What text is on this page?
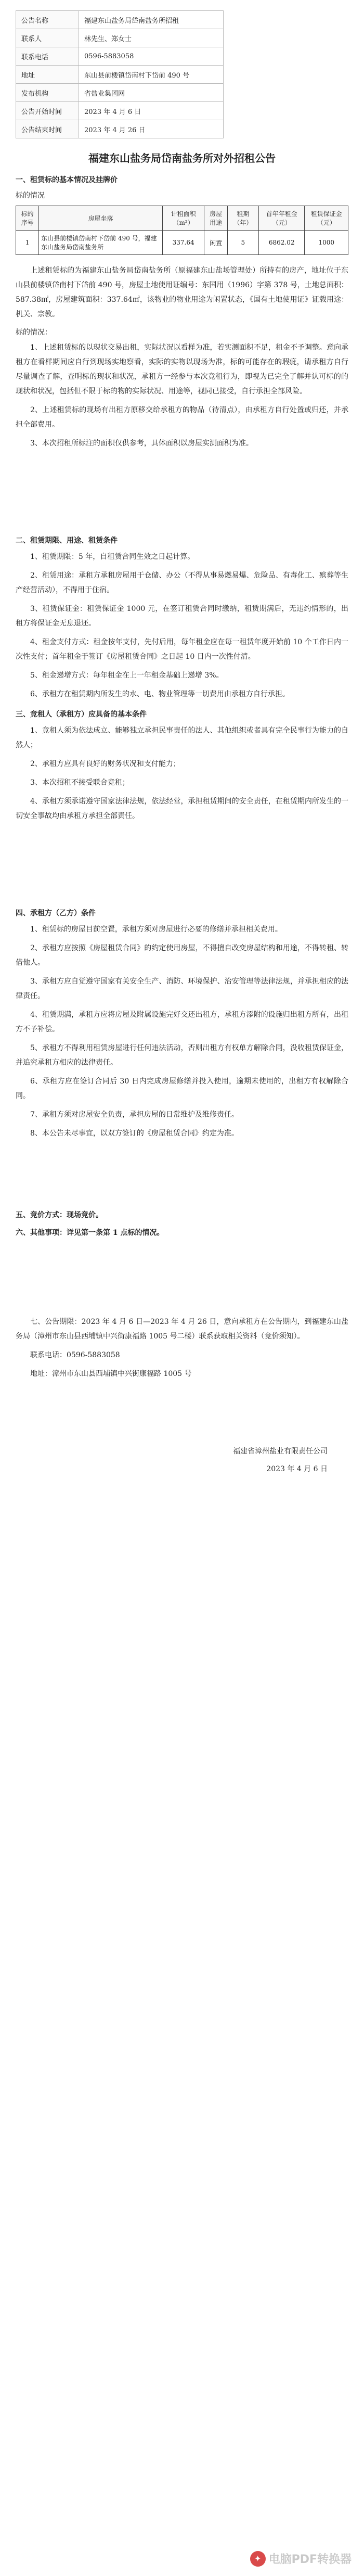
公告名称	福建东山盐务局岱南盐务所招租
联系人	林先生、郑女士
联系电话	0596-5883058
地址	东山县前楼镇岱南村下岱前 490 号
发布机构	省盐业集团网
公告开始时间	2023 年 4 月 6 日
公告结束时间	2023 年 4 月 26 日
福建东山盐务局岱南盐务所对外招租公告
一、租赁标的基本情况及挂牌价
标的情况
标的序号	房屋坐落	计租面积（m²）	房屋用途	租期（年）	首年年租金（元）	租赁保证金（元）
1	东山县前楼镇岱南村下岱前 490 号，福建东山盐务局岱南盐务所	337.64	闲置	5	6862.02	1000

上述租赁标的为福建东山盐务局岱南盐务所（原福建东山盐场管理处）所持有的房产，地址位于东山县前楼镇岱南村下岱前 490 号，房屋土地使用证编号：东国用（1996）字第 378 号，土地总面积：587.38㎡，房屋建筑面积：337.64㎡，该物业的物业用途为闲置状态，《国有土地使用证》证载用途：机关、宗教。

标的情况：

1、上述租赁标的以现状交易出租，实际状况以看样为准，若实测面积不足，租金不予调整。意向承租方在看样期间应自行到现场实地察看，实际的实物以现场为准，标的可能存在的瑕疵，请承租方自行尽量调查了解，查明标的现状和状况，承租方一经参与本次竞租行为，即视为已完全了解并认可标的的现状和状况，包括但不限于标的物的实际状况、用途等，视同已接受，自行承担全部风险。

2、上述租赁标的现场有出租方原移交给承租方的物品（待清点），由承租方自行处置或归还，并承担全部费用。

3、本次招租所标注的面积仅供参考，具体面积以房屋实测面积为准。

二、租赁期限、用途、租赁条件

1、租赁期限：5 年，自租赁合同生效之日起计算。

2、租赁用途：承租方承租房屋用于仓储、办公（不得从事易燃易爆、危险品、有毒化工、殡葬等生产经营活动），不得用于住宿。

3、租赁保证金：租赁保证金 1000 元，在签订租赁合同时缴纳，租赁期满后，无违约情形的，出租方将保证金无息退还。

4、租金支付方式：租金按年支付，先付后用，每年租金应在每一租赁年度开始前 10 个工作日内一次性支付；首年租金于签订《房屋租赁合同》之日起 10 日内一次性付清。

5、租金递增方式：每年租金在上一年租金基础上递增 3%。

6、承租方在租赁期内所发生的水、电、物业管理等一切费用由承租方自行承担。

三、竞租人（承租方）应具备的基本条件

1、竞租人须为依法成立、能够独立承担民事责任的法人、其他组织或者具有完全民事行为能力的自然人；

2、承租方应具有良好的财务状况和支付能力；

3、本次招租不接受联合竞租；

4、承租方须承诺遵守国家法律法规，依法经营，承担租赁期间的安全责任，在租赁期内所发生的一切安全事故均由承租方承担全部责任。

四、承租方（乙方）条件

1、租赁标的房屋目前空置，承租方须对房屋进行必要的修缮并承担相关费用。

2、承租方应按照《房屋租赁合同》的约定使用房屋，不得擅自改变房屋结构和用途，不得转租、转借他人。

3、承租方应自觉遵守国家有关安全生产、消防、环境保护、治安管理等法律法规，并承担相应的法律责任。

4、租赁期满，承租方应将房屋及附属设施完好交还出租方，承租方添附的设施归出租方所有，出租方不予补偿。

5、承租方不得利用租赁房屋进行任何违法活动，否则出租方有权单方解除合同，没收租赁保证金，并追究承租方相应的法律责任。

6、承租方应在签订合同后 30 日内完成房屋修缮并投入使用，逾期未使用的，出租方有权解除合同。

7、承租方须对房屋安全负责，承担房屋的日常维护及维修责任。

8、本公告未尽事宜，以双方签订的《房屋租赁合同》约定为准。

五、竞价方式：现场竞价。
六、其他事项：详见第一条第 1 点标的情况。

七、公告期限：2023 年 4 月 6 日—2023 年 4 月 26 日，意向承租方在公告期内，到福建东山盐务局（漳州市东山县西埔镇中兴街康福路 1005 号二楼）联系获取相关资料（竞价须知）。

联系电话：0596-5883058

地址：漳州市东山县西埔镇中兴街康福路 1005 号

福建省漳州盐业有限责任公司
2023 年 4 月 6 日
✦ 电脑PDF转换器
